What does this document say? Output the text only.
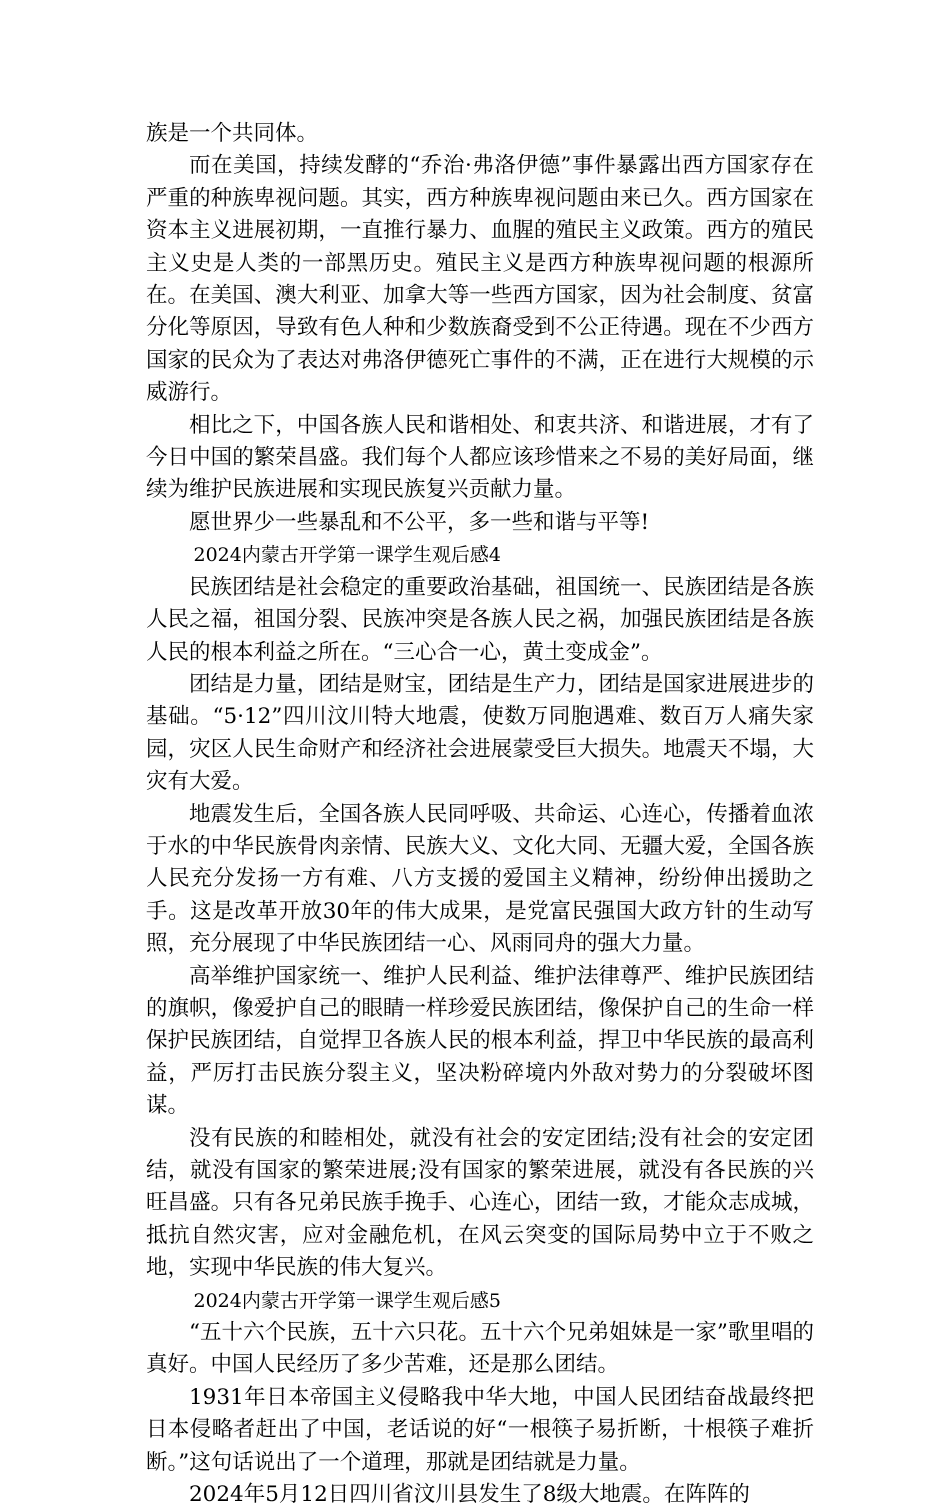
族是一个共同体。

而在美国，持续发酵的“乔治·弗洛伊德”事件暴露出西方国家存在严重的种族卑视问题。其实，西方种族卑视问题由来已久。西方国家在资本主义进展初期，一直推行暴力、血腥的殖民主义政策。西方的殖民主义史是人类的一部黑历史。殖民主义是西方种族卑视问题的根源所在。在美国、澳大利亚、加拿大等一些西方国家，因为社会制度、贫富分化等原因，导致有色人种和少数族裔受到不公正待遇。现在不少西方国家的民众为了表达对弗洛伊德死亡事件的不满，正在进行大规模的示威游行。

相比之下，中国各族人民和谐相处、和衷共济、和谐进展，才有了今日中国的繁荣昌盛。我们每个人都应该珍惜来之不易的美好局面，继续为维护民族进展和实现民族复兴贡献力量。

愿世界少一些暴乱和不公平，多一些和谐与平等!

2024内蒙古开学第一课学生观后感4

民族团结是社会稳定的重要政治基础，祖国统一、民族团结是各族人民之福，祖国分裂、民族冲突是各族人民之祸，加强民族团结是各族人民的根本利益之所在。“三心合一心，黄土变成金”。

团结是力量，团结是财宝，团结是生产力，团结是国家进展进步的基础。“5·12”四川汶川特大地震，使数万同胞遇难、数百万人痛失家园，灾区人民生命财产和经济社会进展蒙受巨大损失。地震天不塌，大灾有大爱。

地震发生后，全国各族人民同呼吸、共命运、心连心，传播着血浓于水的中华民族骨肉亲情、民族大义、文化大同、无疆大爱，全国各族人民充分发扬一方有难、八方支援的爱国主义精神，纷纷伸出援助之手。这是改革开放30年的伟大成果，是党富民强国大政方针的生动写照，充分展现了中华民族团结一心、风雨同舟的强大力量。

高举维护国家统一、维护人民利益、维护法律尊严、维护民族团结的旗帜，像爱护自己的眼睛一样珍爱民族团结，像保护自己的生命一样保护民族团结，自觉捍卫各族人民的根本利益，捍卫中华民族的最高利益，严厉打击民族分裂主义，坚决粉碎境内外敌对势力的分裂破坏图谋。

没有民族的和睦相处，就没有社会的安定团结;没有社会的安定团结，就没有国家的繁荣进展;没有国家的繁荣进展，就没有各民族的兴旺昌盛。只有各兄弟民族手挽手、心连心，团结一致，才能众志成城，抵抗自然灾害，应对金融危机，在风云突变的国际局势中立于不败之地，实现中华民族的伟大复兴。

2024内蒙古开学第一课学生观后感5

“五十六个民族，五十六只花。五十六个兄弟姐妹是一家”歌里唱的真好。中国人民经历了多少苦难，还是那么团结。

1931年日本帝国主义侵略我中华大地，中国人民团结奋战最终把日本侵略者赶出了中国，老话说的好“一根筷子易折断，十根筷子难折断。”这句话说出了一个道理，那就是团结就是力量。

2024年5月12日四川省汶川县发生了8级大地震。在阵阵的
